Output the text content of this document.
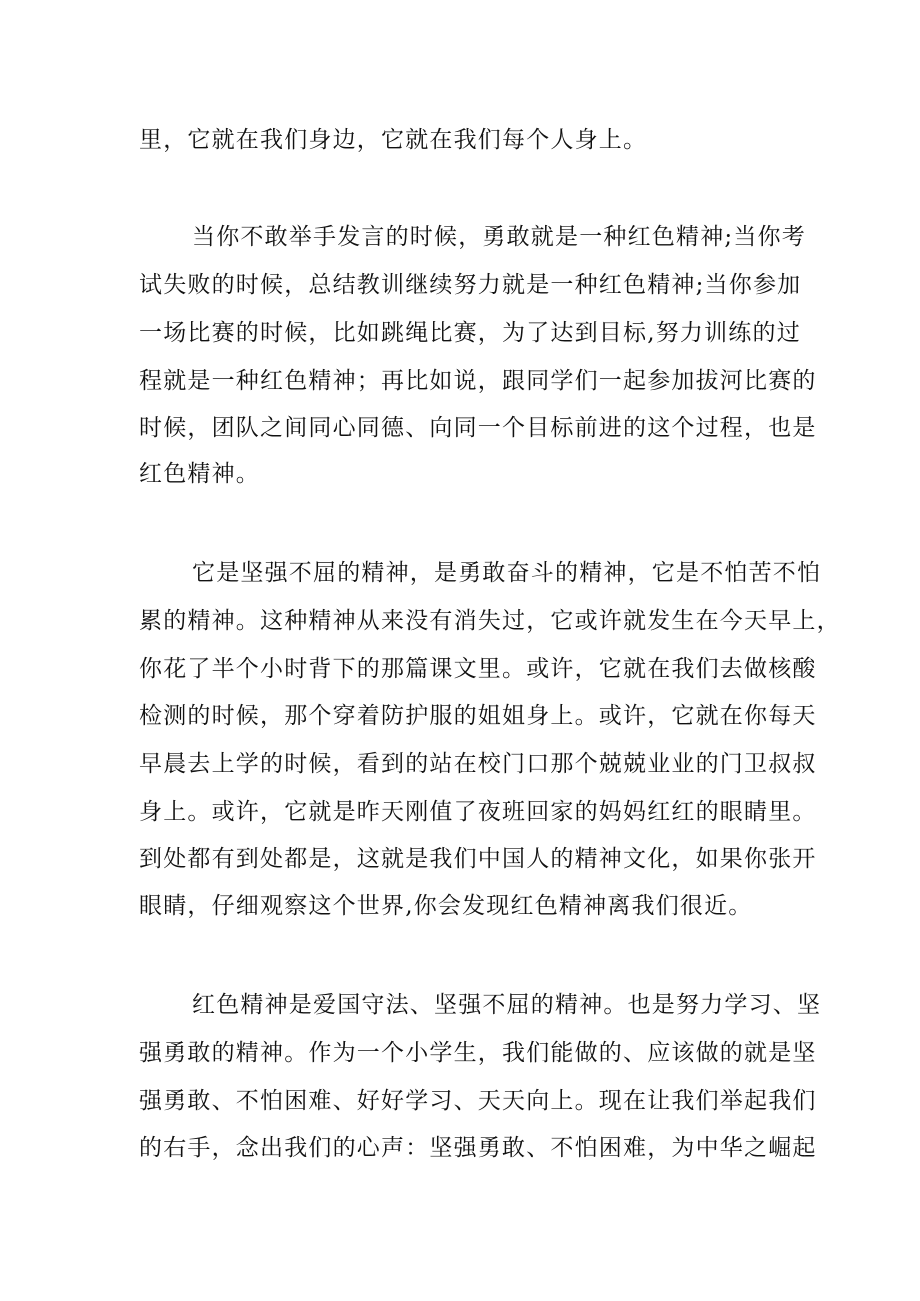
里，它就在我们身边，它就在我们每个人身上。
当你不敢举手发言的时候，勇敢就是一种红色精神;当你考
试失败的时候，总结教训继续努力就是一种红色精神;当你参加
一场比赛的时候，比如跳绳比赛，为了达到目标,努力训练的过
程就是一种红色精神；再比如说，跟同学们一起参加拔河比赛的
时候，团队之间同心同德、向同一个目标前进的这个过程，也是
红色精神。
它是坚强不屈的精神，是勇敢奋斗的精神，它是不怕苦不怕
累的精神。这种精神从来没有消失过，它或许就发生在今天早上，
你花了半个小时背下的那篇课文里。或许，它就在我们去做核酸
检测的时候，那个穿着防护服的姐姐身上。或许，它就在你每天
早晨去上学的时候，看到的站在校门口那个兢兢业业的门卫叔叔
身上。或许，它就是昨天刚值了夜班回家的妈妈红红的眼睛里。
到处都有到处都是，这就是我们中国人的精神文化，如果你张开
眼睛，仔细观察这个世界,你会发现红色精神离我们很近。
红色精神是爱国守法、坚强不屈的精神。也是努力学习、坚
强勇敢的精神。作为一个小学生，我们能做的、应该做的就是坚
强勇敢、不怕困难、好好学习、天天向上。现在让我们举起我们
的右手，念出我们的心声：坚强勇敢、不怕困难，为中华之崛起
